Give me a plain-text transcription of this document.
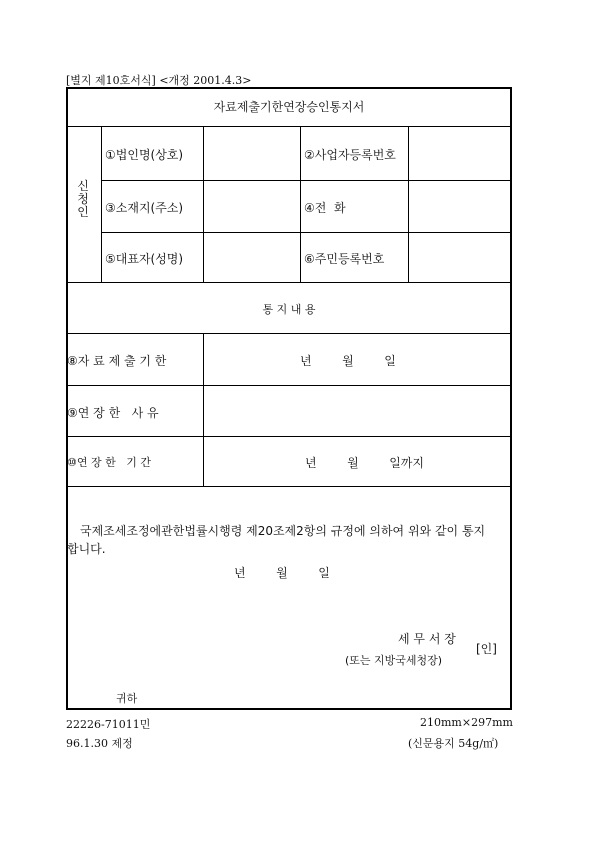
[별지 제10호서식] <개정 2001.4.3>
자료제출기한연장승인통지서
신청인
①법인명(상호)	②사업자등록번호
③소재지(주소)	④전  화
⑤대표자(성명)	⑥주민등록번호
통 지 내 용
⑧자 료 제 출 기 한	년        월        일
⑨연 장 한   사 유
⑩연 장 한   기 간	년        월        일까지
국제조세조정에관한법률시행령 제20조제2항의 규정에 의하여 위와 같이 통지
합니다.
년        월        일
세 무 서 장
(또는 지방국세청장)
[인]
귀하
22226-71011민	210mm×297mm
96.1.30 제정	(신문용지 54g/㎡)
